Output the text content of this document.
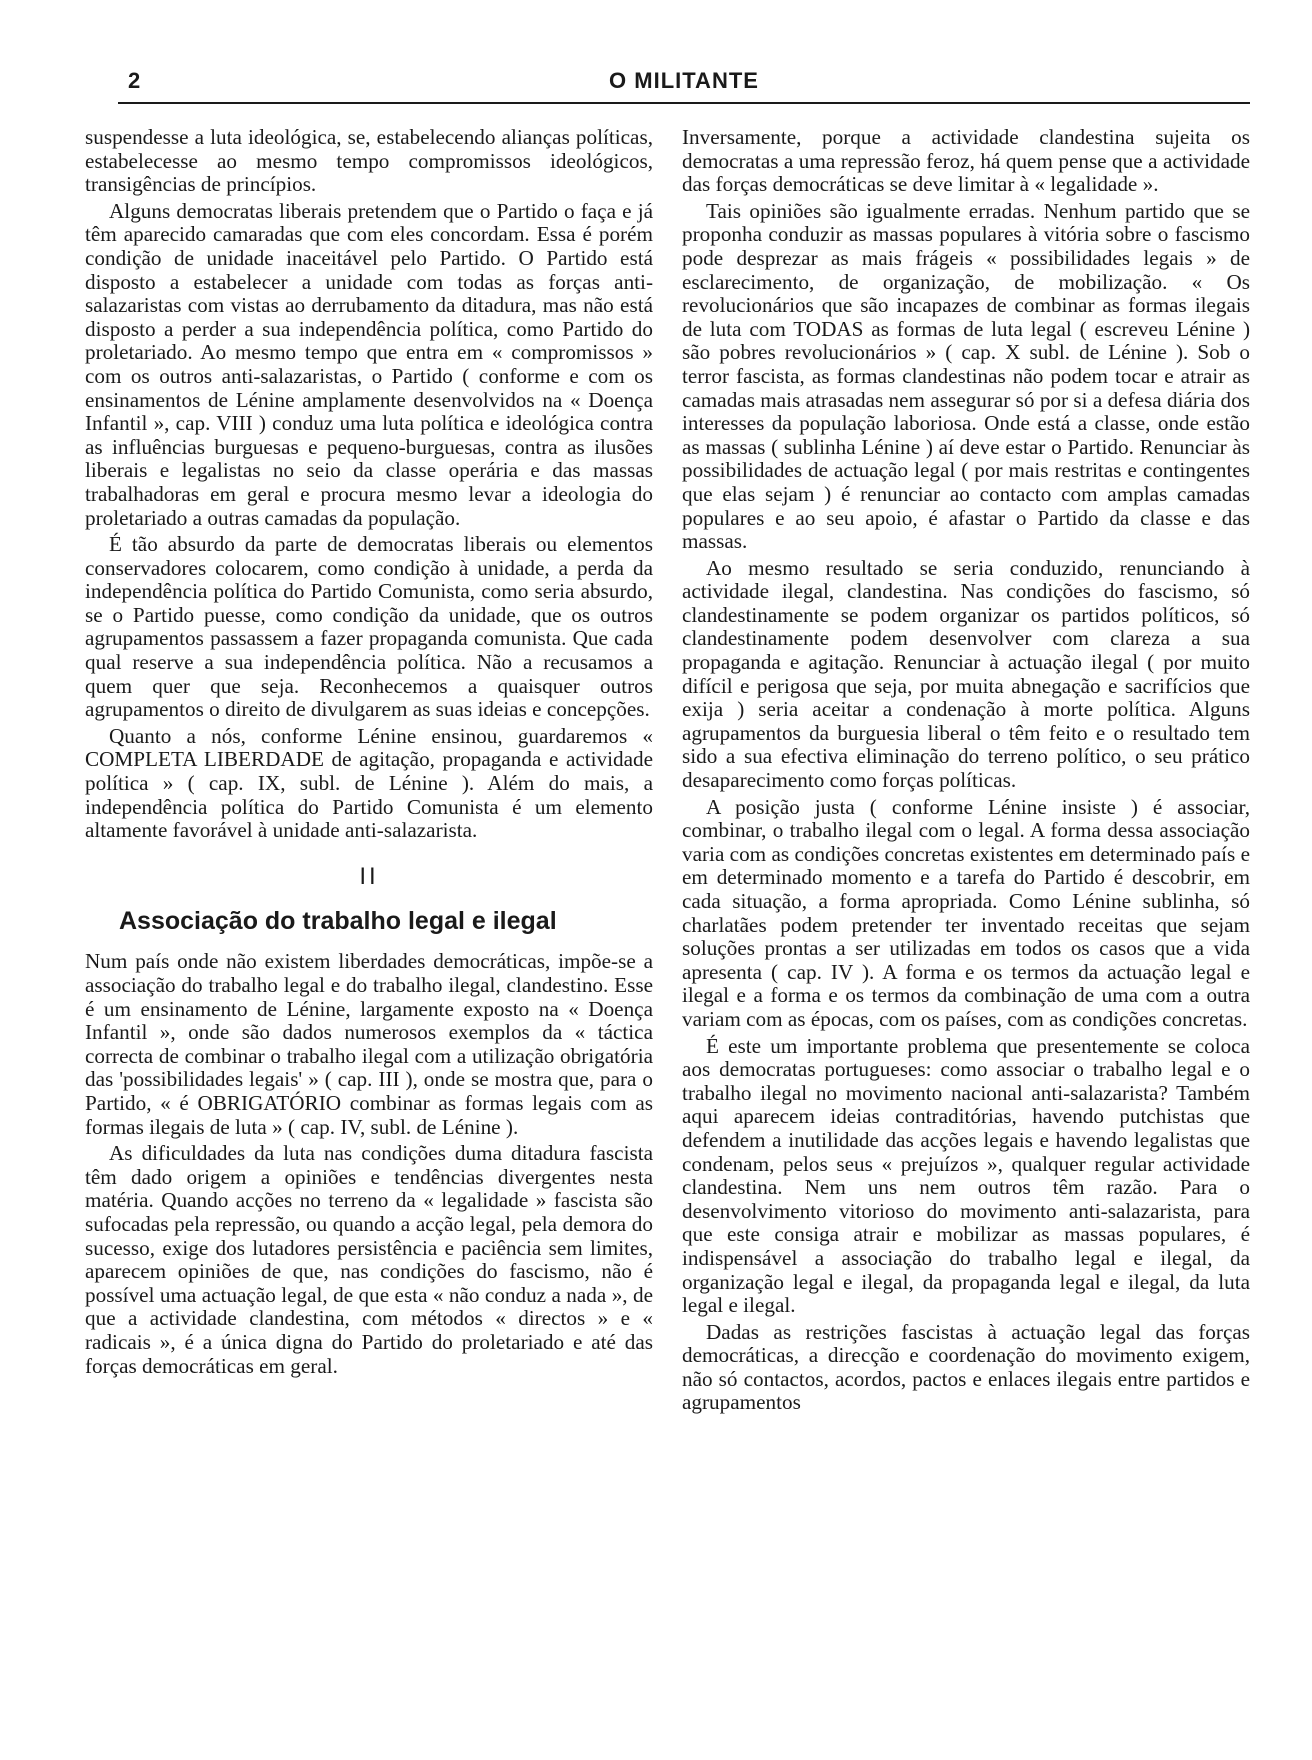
2	O MILITANTE

suspendesse a luta ideológica, se, estabelecendo alianças políticas, estabelecesse ao mesmo tempo compromissos ideológicos, transigências de princípios.

Alguns democratas liberais pretendem que o Partido o faça e já têm aparecido camaradas que com eles concordam. Essa é porém condição de unidade inaceitável pelo Partido. O Partido está disposto a estabelecer a unidade com todas as forças anti-salazaristas com vistas ao derrubamento da ditadura, mas não está disposto a perder a sua independência política, como Partido do proletariado. Ao mesmo tempo que entra em « compromissos » com os outros anti-salazaristas, o Partido ( conforme e com os ensinamentos de Lénine amplamente desenvolvidos na « Doença Infantil », cap. VIII ) conduz uma luta política e ideológica contra as influências burguesas e pequeno-burguesas, contra as ilusões liberais e legalistas no seio da classe operária e das massas trabalhadoras em geral e procura mesmo levar a ideologia do proletariado a outras camadas da população.

É tão absurdo da parte de democratas liberais ou elementos conservadores colocarem, como condição à unidade, a perda da independência política do Partido Comunista, como seria absurdo, se o Partido puesse, como condição da unidade, que os outros agrupamentos passassem a fazer propaganda comunista. Que cada qual reserve a sua independência política. Não a recusamos a quem quer que seja. Reconhecemos a quaisquer outros agrupamentos o direito de divulgarem as suas ideias e concepções.

Quanto a nós, conforme Lénine ensinou, guardaremos « COMPLETA LIBERDADE de agitação, propaganda e actividade política » ( cap. IX, subl. de Lénine ). Além do mais, a independência política do Partido Comunista é um elemento altamente favorável à unidade anti-salazarista.

II
Associação do trabalho legal e ilegal

Num país onde não existem liberdades democráticas, impõe-se a associação do trabalho legal e do trabalho ilegal, clandestino. Esse é um ensinamento de Lénine, largamente exposto na « Doença Infantil », onde são dados numerosos exemplos da « táctica correcta de combinar o trabalho ilegal com a utilização obrigatória das 'possibilidades legais' » ( cap. III ), onde se mostra que, para o Partido, « é OBRIGATÓRIO combinar as formas legais com as formas ilegais de luta » ( cap. IV, subl. de Lénine ).

As dificuldades da luta nas condições duma ditadura fascista têm dado origem a opiniões e tendências divergentes nesta matéria. Quando acções no terreno da « legalidade » fascista são sufocadas pela repressão, ou quando a acção legal, pela demora do sucesso, exige dos lutadores persistência e paciência sem limites, aparecem opiniões de que, nas condições do fascismo, não é possível uma actuação legal, de que esta « não conduz a nada », de que a actividade clandestina, com métodos « directos » e « radicais », é a única digna do Partido do proletariado e até das forças democráticas em geral.

Inversamente, porque a actividade clandestina sujeita os democratas a uma repressão feroz, há quem pense que a actividade das forças democráticas se deve limitar à « legalidade ».

Tais opiniões são igualmente erradas. Nenhum partido que se proponha conduzir as massas populares à vitória sobre o fascismo pode desprezar as mais frágeis « possibilidades legais » de esclarecimento, de organização, de mobilização. « Os revolucionários que são incapazes de combinar as formas ilegais de luta com TODAS as formas de luta legal ( escreveu Lénine ) são pobres revolucionários » ( cap. X subl. de Lénine ). Sob o terror fascista, as formas clandestinas não podem tocar e atrair as camadas mais atrasadas nem assegurar só por si a defesa diária dos interesses da população laboriosa. Onde está a classe, onde estão as massas ( sublinha Lénine ) aí deve estar o Partido. Renunciar às possibilidades de actuação legal ( por mais restritas e contingentes que elas sejam ) é renunciar ao contacto com amplas camadas populares e ao seu apoio, é afastar o Partido da classe e das massas.

Ao mesmo resultado se seria conduzido, renunciando à actividade ilegal, clandestina. Nas condições do fascismo, só clandestinamente se podem organizar os partidos políticos, só clandestinamente podem desenvolver com clareza a sua propaganda e agitação. Renunciar à actuação ilegal ( por muito difícil e perigosa que seja, por muita abnegação e sacrifícios que exija ) seria aceitar a condenação à morte política. Alguns agrupamentos da burguesia liberal o têm feito e o resultado tem sido a sua efectiva eliminação do terreno político, o seu prático desaparecimento como forças políticas.

A posição justa ( conforme Lénine insiste ) é associar, combinar, o trabalho ilegal com o legal. A forma dessa associação varia com as condições concretas existentes em determinado país e em determinado momento e a tarefa do Partido é descobrir, em cada situação, a forma apropriada. Como Lénine sublinha, só charlatães podem pretender ter inventado receitas que sejam soluções prontas a ser utilizadas em todos os casos que a vida apresenta ( cap. IV ). A forma e os termos da actuação legal e ilegal e a forma e os termos da combinação de uma com a outra variam com as épocas, com os países, com as condições concretas.

É este um importante problema que presentemente se coloca aos democratas portugueses: como associar o trabalho legal e o trabalho ilegal no movimento nacional anti-salazarista? Também aqui aparecem ideias contraditórias, havendo putchistas que defendem a inutilidade das acções legais e havendo legalistas que condenam, pelos seus « prejuízos », qualquer regular actividade clandestina. Nem uns nem outros têm razão. Para o desenvolvimento vitorioso do movimento anti-salazarista, para que este consiga atrair e mobilizar as massas populares, é indispensável a associação do trabalho legal e ilegal, da organização legal e ilegal, da propaganda legal e ilegal, da luta legal e ilegal.

Dadas as restrições fascistas à actuação legal das forças democráticas, a direcção e coordenação do movimento exigem, não só contactos, acordos, pactos e enlaces ilegais entre partidos e agrupamentos
